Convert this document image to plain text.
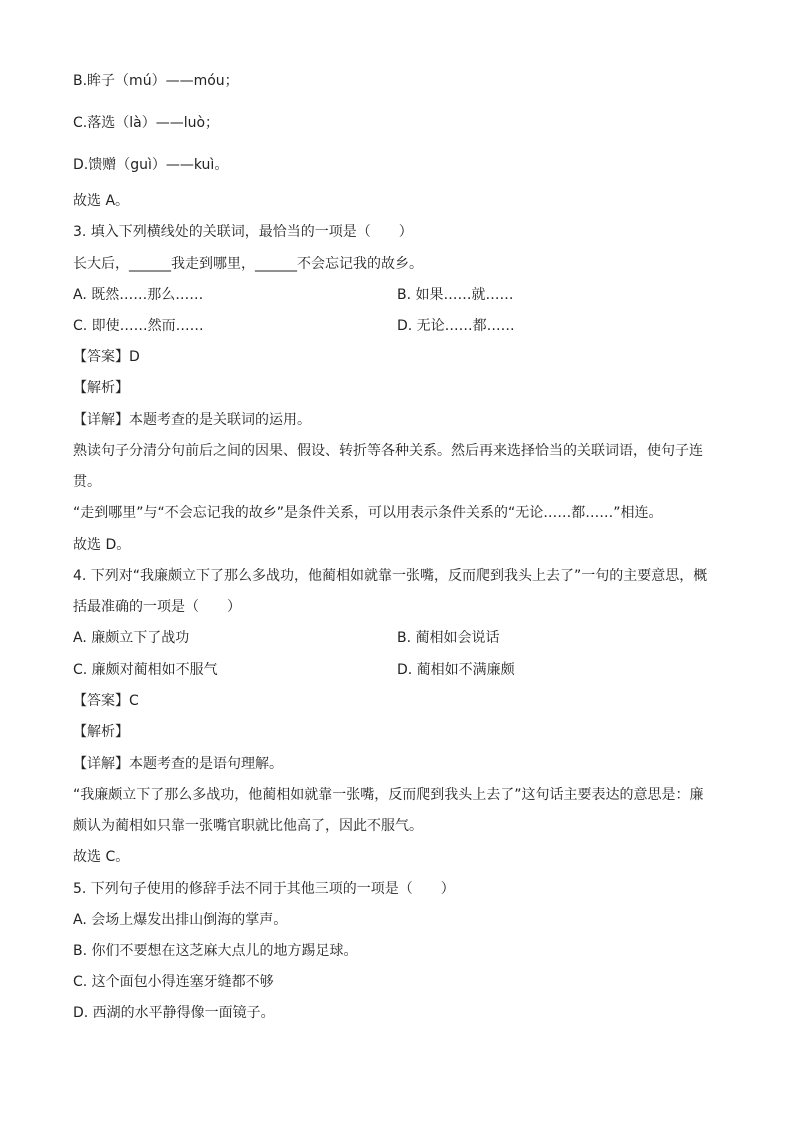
B.眸子（mú）——móu；
C.落选（là）——luò；
D.馈赠（guì）——kuì。
故选 A。
3. 填入下列横线处的关联词，最恰当的一项是（　　）
长大后，______我走到哪里，______不会忘记我的故乡。
A. 既然……那么……	B. 如果……就……
C. 即使……然而……	D. 无论……都……
【答案】D
【解析】
【详解】本题考查的是关联词的运用。
熟读句子分清分句前后之间的因果、假设、转折等各种关系。然后再来选择恰当的关联词语，使句子连
贯。
“走到哪里”与“不会忘记我的故乡”是条件关系，可以用表示条件关系的“无论……都……”相连。
故选 D。
4. 下列对“我廉颇立下了那么多战功，他蔺相如就靠一张嘴，反而爬到我头上去了”一句的主要意思，概
括最准确的一项是（　　）
A. 廉颇立下了战功	B. 蔺相如会说话
C. 廉颇对蔺相如不服气	D. 蔺相如不满廉颇
【答案】C
【解析】
【详解】本题考查的是语句理解。
“我廉颇立下了那么多战功，他蔺相如就靠一张嘴，反而爬到我头上去了”这句话主要表达的意思是：廉
颇认为蔺相如只靠一张嘴官职就比他高了，因此不服气。
故选 C。
5. 下列句子使用的修辞手法不同于其他三项的一项是（　　）
A. 会场上爆发出排山倒海的掌声。
B. 你们不要想在这芝麻大点儿的地方踢足球。
C. 这个面包小得连塞牙缝都不够
D. 西湖的水平静得像一面镜子。
